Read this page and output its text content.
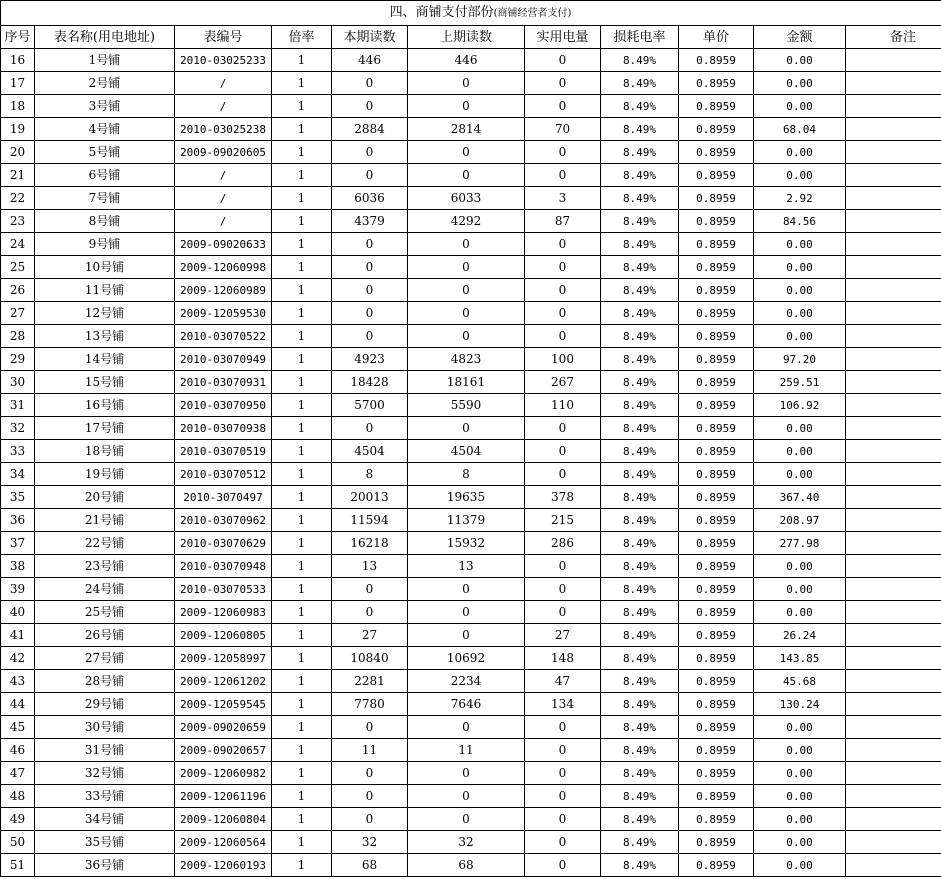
四、商铺支付部份(商铺经营者支付)										
序号	表名称(用电地址)	表编号	倍率	本期读数	上期读数	实用电量	损耗电率	单价	金额	备注
16	1号铺	2010-03025233	1	446	446	0	8.49%	0.8959	0.00	
17	2号铺	/	1	0	0	0	8.49%	0.8959	0.00	
18	3号铺	/	1	0	0	0	8.49%	0.8959	0.00	
19	4号铺	2010-03025238	1	2884	2814	70	8.49%	0.8959	68.04	
20	5号铺	2009-09020605	1	0	0	0	8.49%	0.8959	0.00	
21	6号铺	/	1	0	0	0	8.49%	0.8959	0.00	
22	7号铺	/	1	6036	6033	3	8.49%	0.8959	2.92	
23	8号铺	/	1	4379	4292	87	8.49%	0.8959	84.56	
24	9号铺	2009-09020633	1	0	0	0	8.49%	0.8959	0.00	
25	10号铺	2009-12060998	1	0	0	0	8.49%	0.8959	0.00	
26	11号铺	2009-12060989	1	0	0	0	8.49%	0.8959	0.00	
27	12号铺	2009-12059530	1	0	0	0	8.49%	0.8959	0.00	
28	13号铺	2010-03070522	1	0	0	0	8.49%	0.8959	0.00	
29	14号铺	2010-03070949	1	4923	4823	100	8.49%	0.8959	97.20	
30	15号铺	2010-03070931	1	18428	18161	267	8.49%	0.8959	259.51	
31	16号铺	2010-03070950	1	5700	5590	110	8.49%	0.8959	106.92	
32	17号铺	2010-03070938	1	0	0	0	8.49%	0.8959	0.00	
33	18号铺	2010-03070519	1	4504	4504	0	8.49%	0.8959	0.00	
34	19号铺	2010-03070512	1	8	8	0	8.49%	0.8959	0.00	
35	20号铺	2010-3070497	1	20013	19635	378	8.49%	0.8959	367.40	
36	21号铺	2010-03070962	1	11594	11379	215	8.49%	0.8959	208.97	
37	22号铺	2010-03070629	1	16218	15932	286	8.49%	0.8959	277.98	
38	23号铺	2010-03070948	1	13	13	0	8.49%	0.8959	0.00	
39	24号铺	2010-03070533	1	0	0	0	8.49%	0.8959	0.00	
40	25号铺	2009-12060983	1	0	0	0	8.49%	0.8959	0.00	
41	26号铺	2009-12060805	1	27	0	27	8.49%	0.8959	26.24	
42	27号铺	2009-12058997	1	10840	10692	148	8.49%	0.8959	143.85	
43	28号铺	2009-12061202	1	2281	2234	47	8.49%	0.8959	45.68	
44	29号铺	2009-12059545	1	7780	7646	134	8.49%	0.8959	130.24	
45	30号铺	2009-09020659	1	0	0	0	8.49%	0.8959	0.00	
46	31号铺	2009-09020657	1	11	11	0	8.49%	0.8959	0.00	
47	32号铺	2009-12060982	1	0	0	0	8.49%	0.8959	0.00	
48	33号铺	2009-12061196	1	0	0	0	8.49%	0.8959	0.00	
49	34号铺	2009-12060804	1	0	0	0	8.49%	0.8959	0.00	
50	35号铺	2009-12060564	1	32	32	0	8.49%	0.8959	0.00	
51	36号铺	2009-12060193	1	68	68	0	8.49%	0.8959	0.00	
